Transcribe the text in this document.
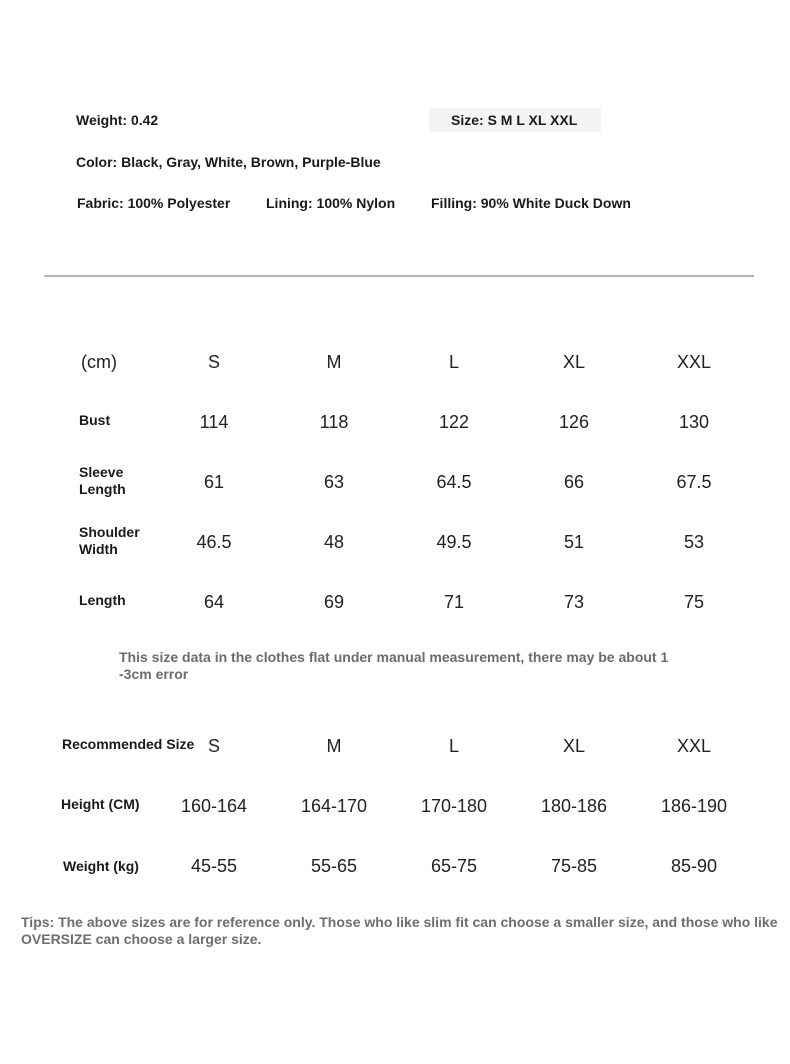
Weight: 0.42	Size: S M L XL XXL
Color: Black, Gray, White, Brown, Purple-Blue
Fabric: 100% Polyester	Lining: 100% Nylon	Filling: 90% White Duck Down
(cm)	S	M	L	XL	XXL
Bust	114	118	122	126	130
Sleeve
Length	61	63	64.5	66	67.5
Shoulder
Width	46.5	48	49.5	51	53
Length	64	69	71	73	75
This size data in the clothes flat under manual measurement, there may be about 1 -3cm error
Recommended Size S	M	L	XL	XXL
Height (CM)	160-164	164-170	170-180	180-186	186-190
Weight (kg)	45-55	55-65	65-75	75-85	85-90
Tips: The above sizes are for reference only. Those who like slim fit can choose a smaller size, and those who like OVERSIZE can choose a larger size.
